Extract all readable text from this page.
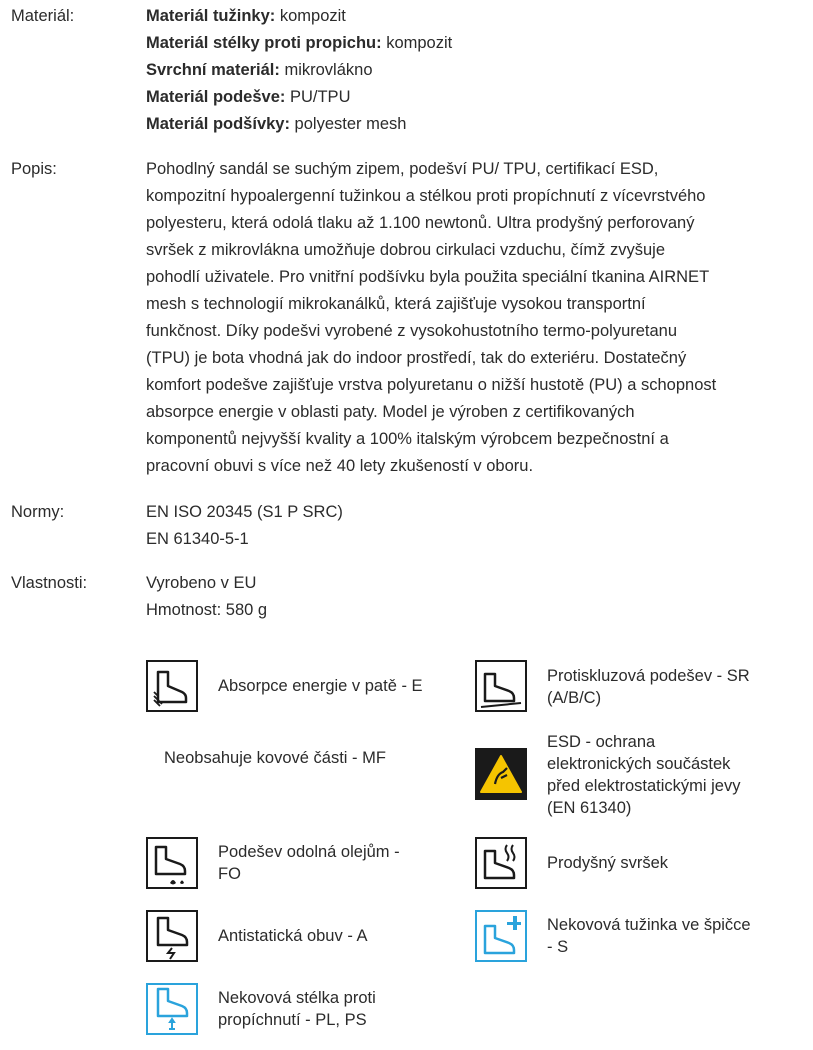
Materiál:	Materiál tužinky: kompozit
Materiál stélky proti propichu: kompozit
Svrchní materiál: mikrovlákno
Materiál podešve: PU/TPU
Materiál podšívky: polyester mesh
Popis:	Pohodlný sandál se suchým zipem, podešví PU/ TPU, certifikací ESD,
kompozitní hypoalergenní tužinkou a stélkou proti propíchnutí z vícevrstvého
polyesteru, která odolá tlaku až 1.100 newtonů. Ultra prodyšný perforovaný
svršek z mikrovlákna umožňuje dobrou cirkulaci vzduchu, čímž zvyšuje
pohodlí uživatele. Pro vnitřní podšívku byla použita speciální tkanina AIRNET
mesh s technologií mikrokanálků, která zajišťuje vysokou transportní
funkčnost. Díky podešvi vyrobené z vysokohustotního termo-polyuretanu
(TPU) je bota vhodná jak do indoor prostředí, tak do exteriéru. Dostatečný
komfort podešve zajišťuje vrstva polyuretanu o nižší hustotě (PU) a schopnost
absorpce energie v oblasti paty. Model je výroben z certifikovaných
komponentů nejvyšší kvality a 100% italským výrobcem bezpečnostní a
pracovní obuvi s více než 40 lety zkušeností v oboru.
Normy:	EN ISO 20345 (S1 P SRC)
EN 61340-5-1
Vlastnosti:	Vyrobeno v EU
Hmotnost: 580 g
Absorpce energie v patě - E
Protiskluzová podešev - SR
(A/B/C)
Neobsahuje kovové části - MF
ESD - ochrana
elektronických součástek
před elektrostatickými jevy
(EN 61340)
Podešev odolná olejům -
FO
Prodyšný svršek
Antistatická obuv - A
Nekovová tužinka ve špičce
- S
Nekovová stélka proti
propíchnutí - PL, PS
